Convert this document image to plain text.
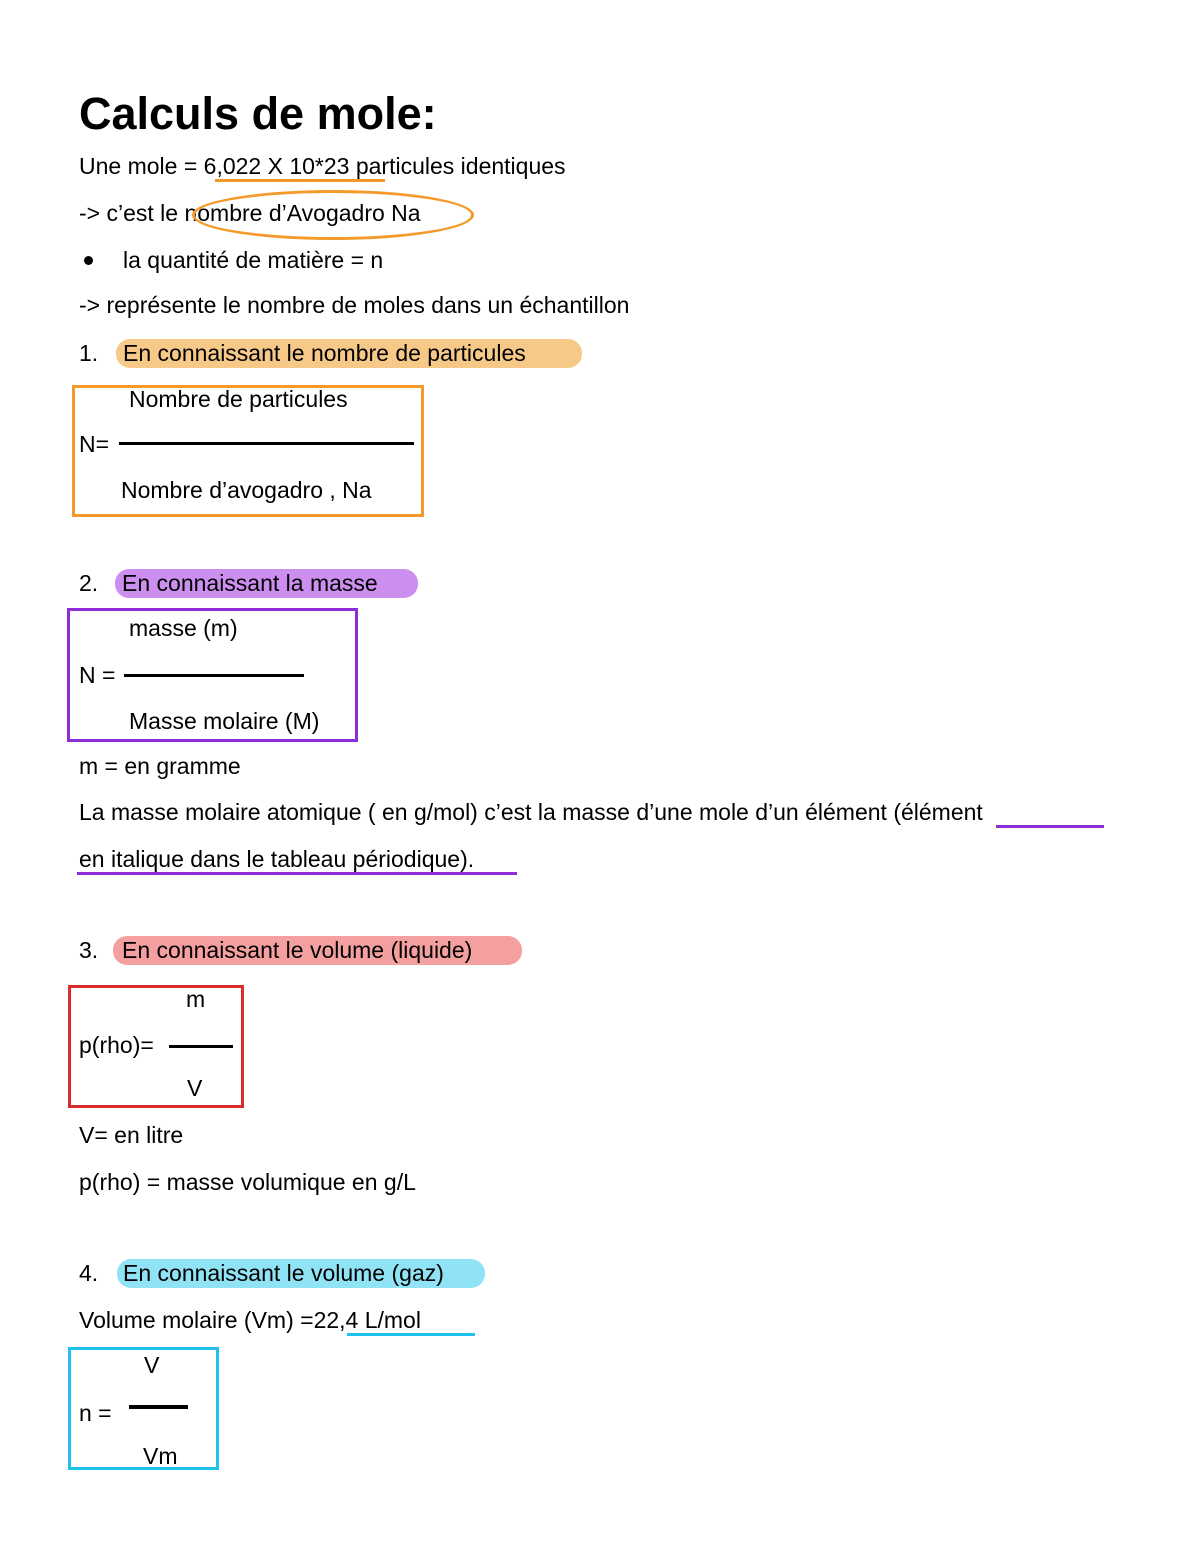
Calculs de mole:
Une mole = 6,022 X 10*23 particules identiques
-> c’est le nombre d’Avogadro Na
la quantité de matière = n
-> représente le nombre de moles dans un échantillon
1. En connaissant le nombre de particules
Nombre de particules
N=
Nombre d’avogadro , Na
2. En connaissant la masse
masse (m)
N =
Masse molaire (M)
m = en gramme
La masse molaire atomique ( en g/mol) c’est la masse d’une mole d’un élément (élément
en italique dans le tableau périodique).
3. En connaissant le volume (liquide)
m
p(rho)=
V
V= en litre
p(rho) = masse volumique en g/L
4. En connaissant le volume (gaz)
Volume molaire (Vm) =22,4 L/mol
V
n =
Vm
